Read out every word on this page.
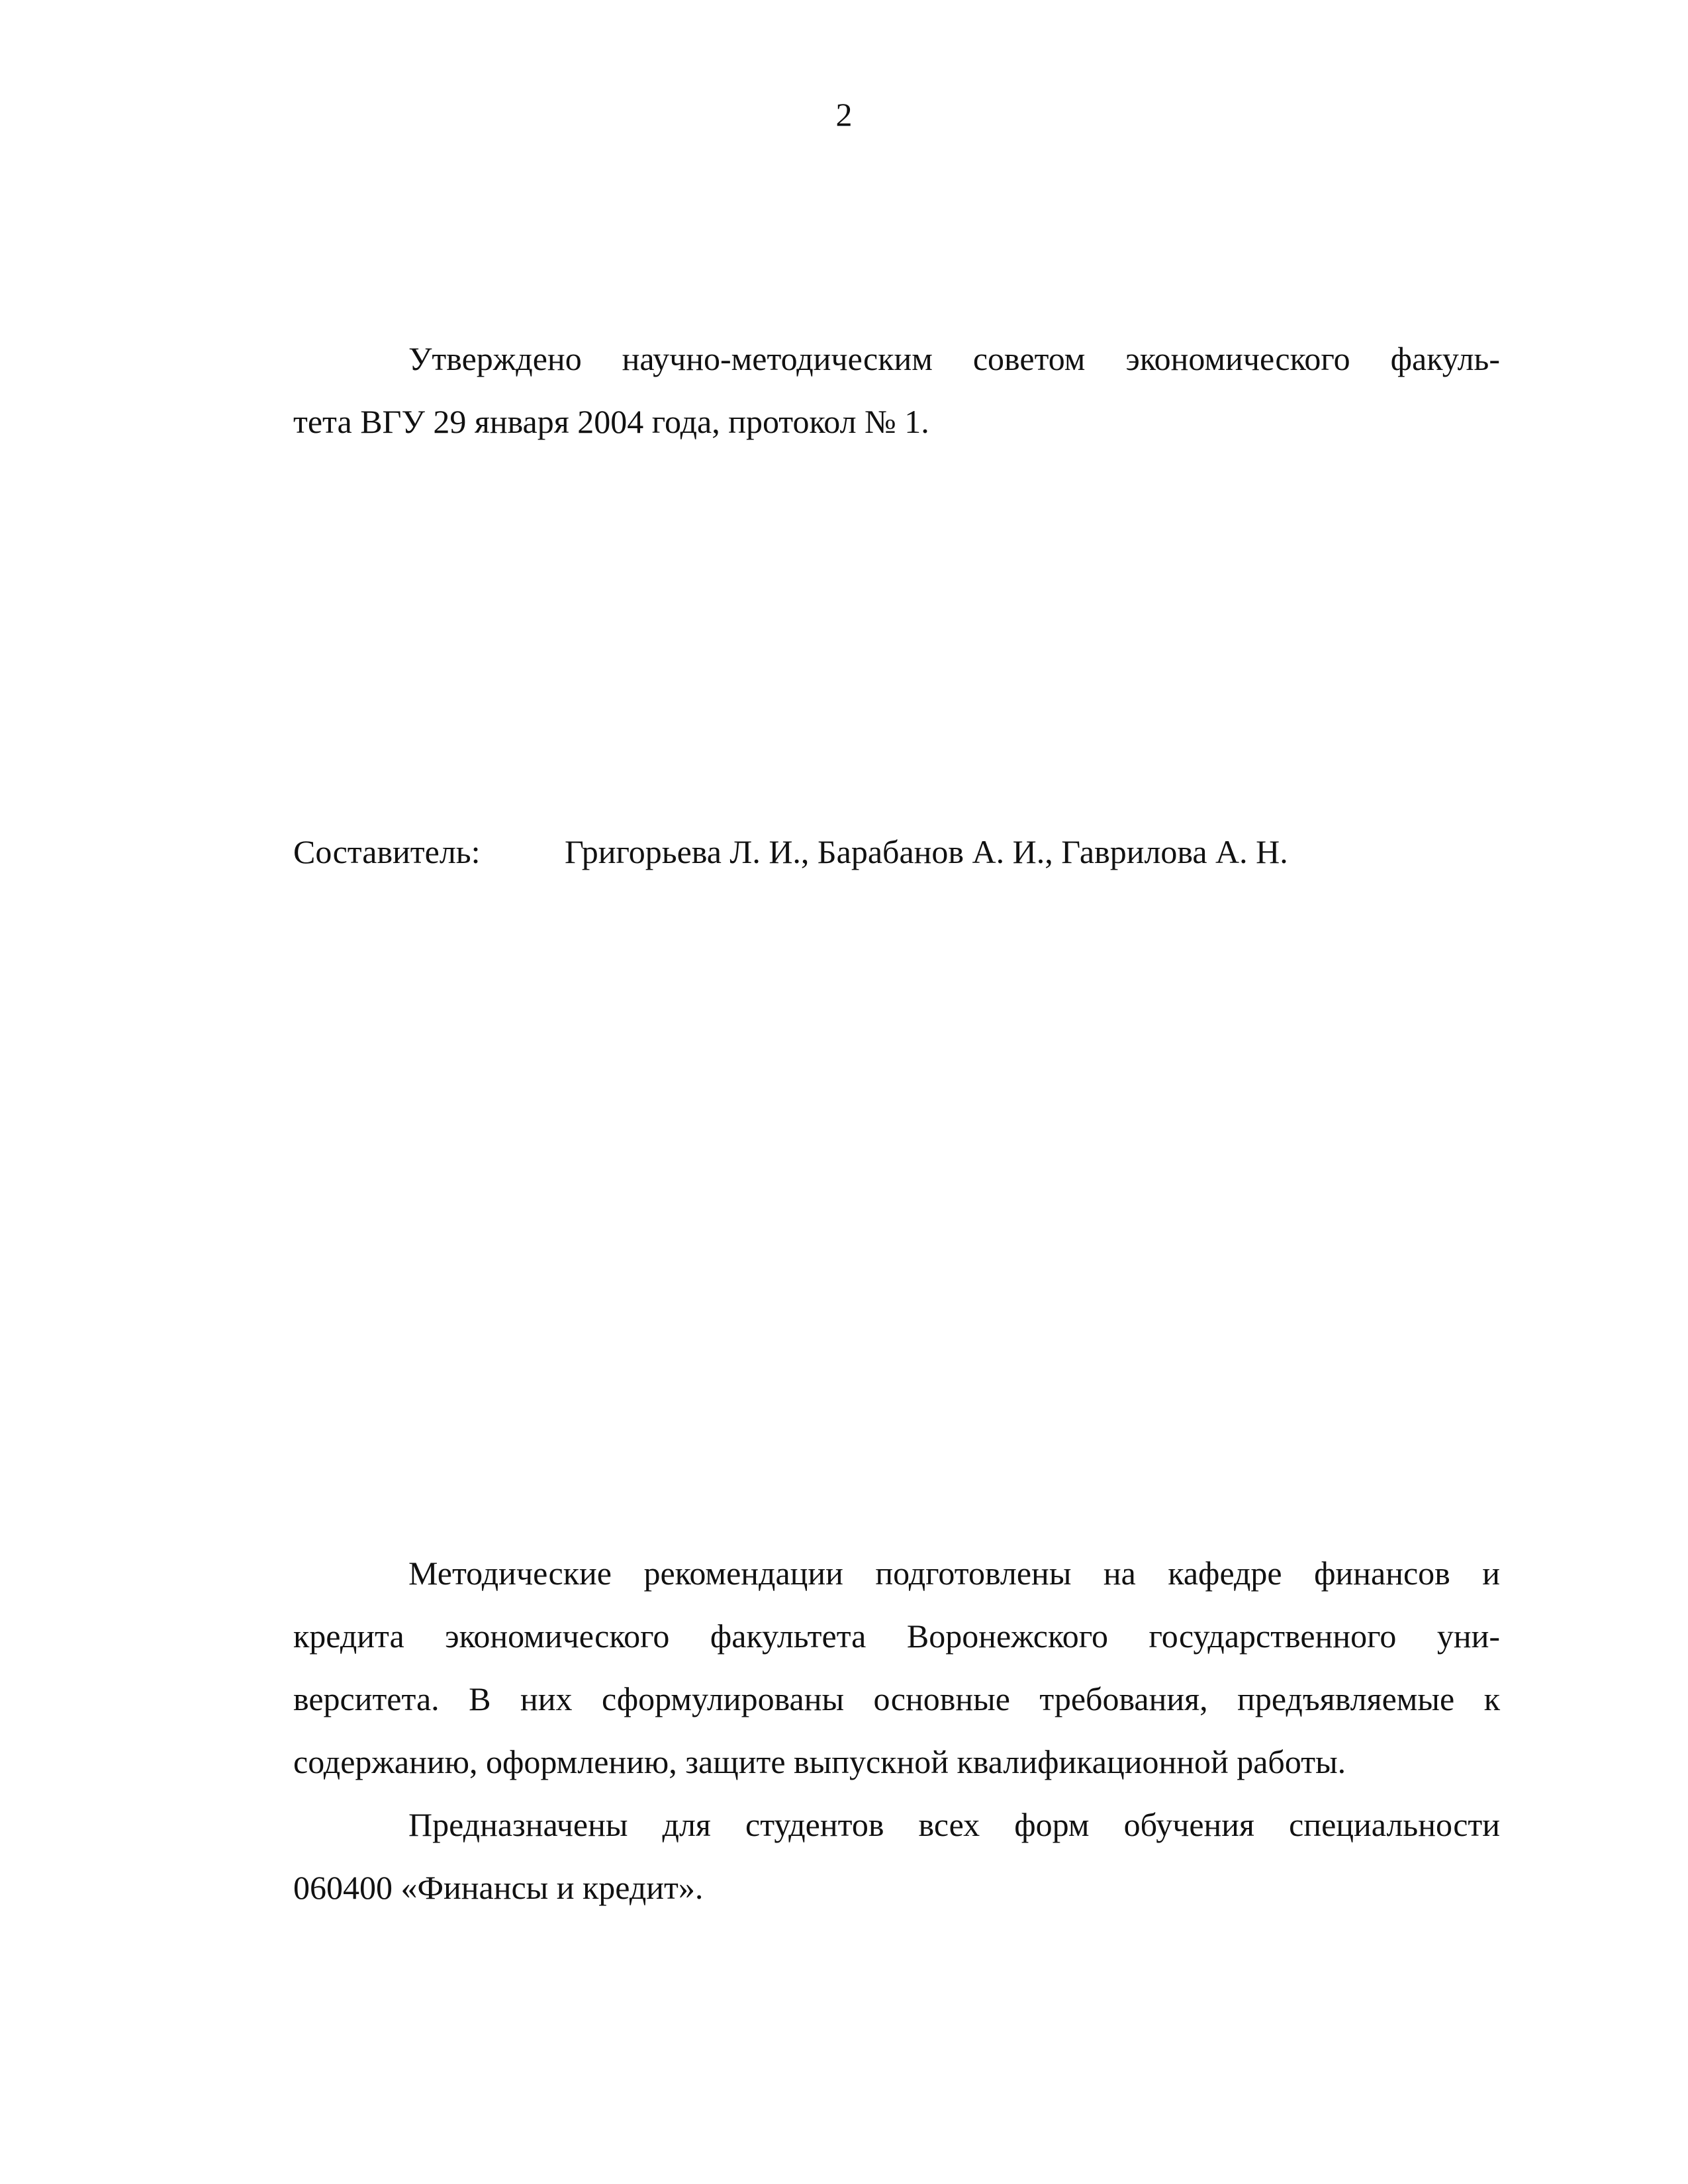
2
Утверждено научно-методическим советом экономического факуль-
тета ВГУ 29 января 2004 года, протокол № 1.
Составитель:	Григорьева Л. И., Барабанов А. И., Гаврилова А. Н.
Методические рекомендации подготовлены на кафедре финансов и
кредита экономического факультета Воронежского государственного уни-
верситета. В них сформулированы основные требования, предъявляемые к
содержанию, оформлению, защите выпускной квалификационной работы.
Предназначены для студентов всех форм обучения специальности
060400 «Финансы и кредит».
